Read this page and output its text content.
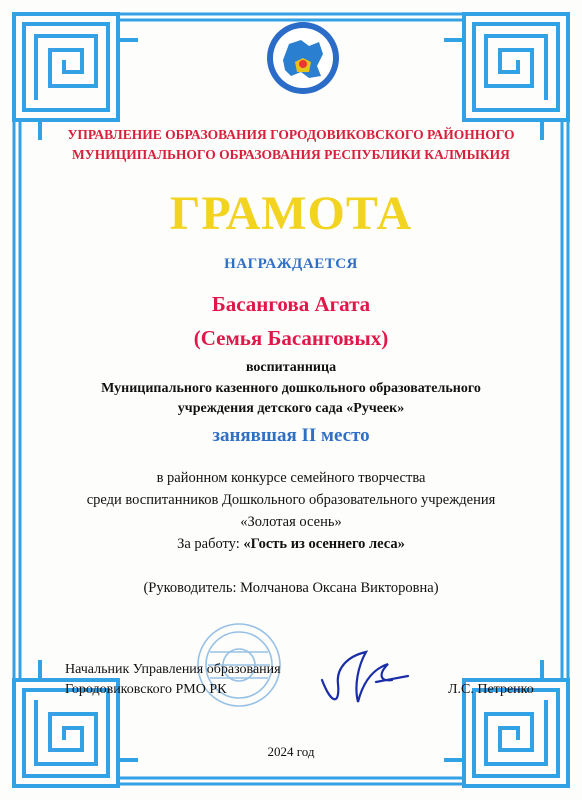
УПРАВЛЕНИЕ ОБРАЗОВАНИЯ ГОРОДОВИКОВСКОГО РАЙОННОГО
МУНИЦИПАЛЬНОГО ОБРАЗОВАНИЯ РЕСПУБЛИКИ КАЛМЫКИЯ
ГРАМОТА
НАГРАЖДАЕТСЯ
Басангова Агата
(Семья Басанговых)
воспитанница
Муниципального казенного дошкольного образовательного
учреждения детского сада «Ручеек»
занявшая II место
в районном конкурсе семейного творчества
среди воспитанников Дошкольного образовательного учреждения
«Золотая осень»
За работу: «Гость из осеннего леса»
(Руководитель: Молчанова Оксана Викторовна)
Начальник Управления образования
Городовиковского РМО РК	Л.С. Петренко
2024 год
